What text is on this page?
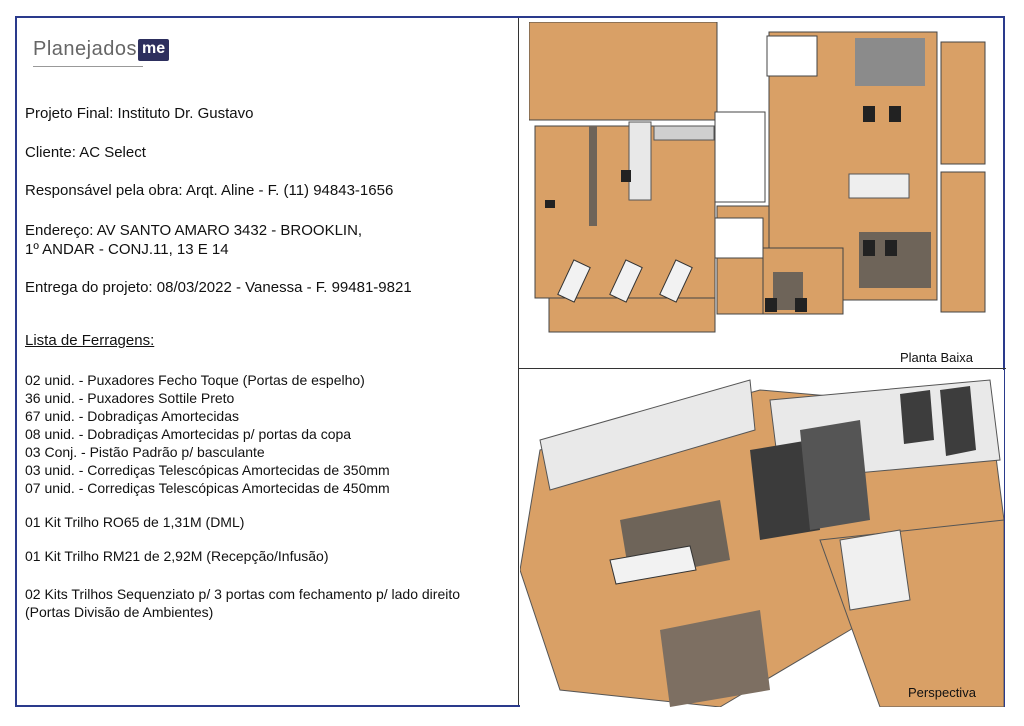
Planejados me
Projeto Final: Instituto Dr. Gustavo
Cliente: AC Select
Responsável pela obra: Arqt. Aline - F. (11) 94843-1656
Endereço: AV SANTO AMARO 3432 - BROOKLIN,
1º ANDAR - CONJ.11, 13 E 14
Entrega do projeto: 08/03/2022 - Vanessa - F. 99481-9821
Lista de Ferragens:
02 unid. - Puxadores Fecho Toque (Portas de espelho)
36 unid. - Puxadores Sottile Preto
67 unid. - Dobradiças Amortecidas
08 unid. - Dobradiças Amortecidas p/ portas da copa
03 Conj. - Pistão Padrão p/ basculante
03 unid. - Corrediças Telescópicas Amortecidas de 350mm
07 unid. - Corrediças Telescópicas Amortecidas de 450mm
01 Kit Trilho RO65 de 1,31M (DML)
01 Kit Trilho RM21 de 2,92M (Recepção/Infusão)
02 Kits Trilhos Sequenziato p/ 3 portas com fechamento p/ lado direito (Portas Divisão de Ambientes)
Planta Baixa
Perspectiva
